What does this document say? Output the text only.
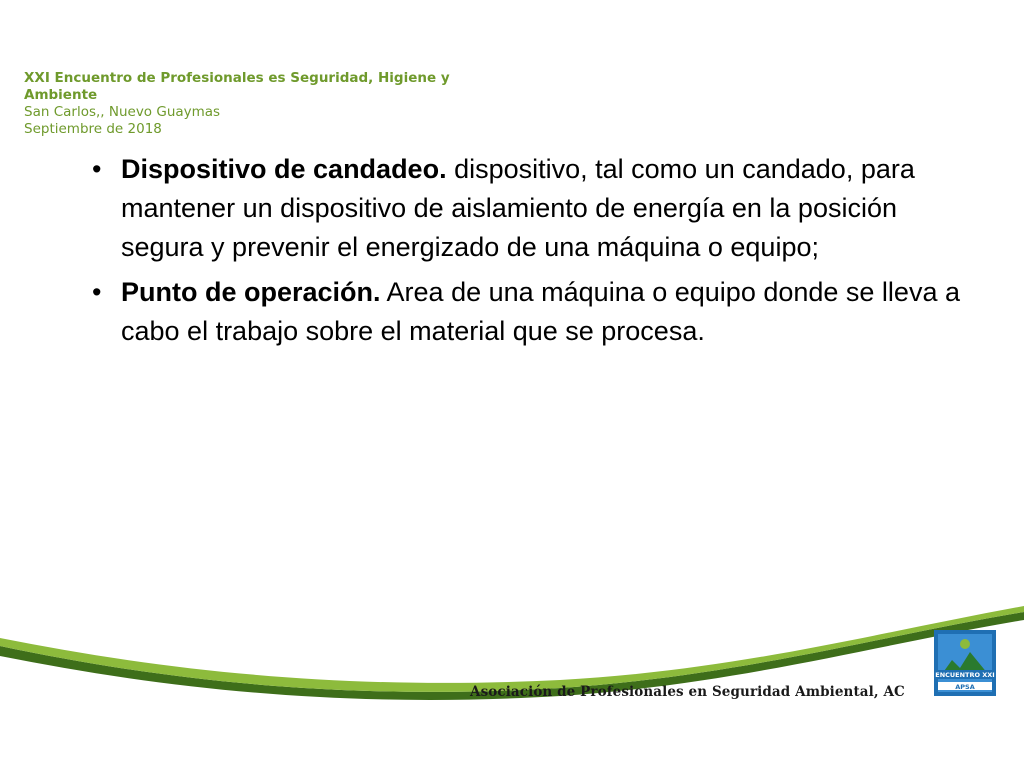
XXI Encuentro de Profesionales es Seguridad, Higiene y
Ambiente
San Carlos,, Nuevo Guaymas
Septiembre de 2018
• Dispositivo de candadeo. dispositivo, tal como un candado, para mantener un dispositivo de aislamiento de energía en la posición segura y prevenir el energizado de una máquina o equipo;
• Punto de operación. Area de una máquina o equipo donde se lleva a cabo el trabajo sobre el material que se procesa.
Asociación de Profesionales en Seguridad Ambiental, AC
ENCUENTRO XXI
APSA
